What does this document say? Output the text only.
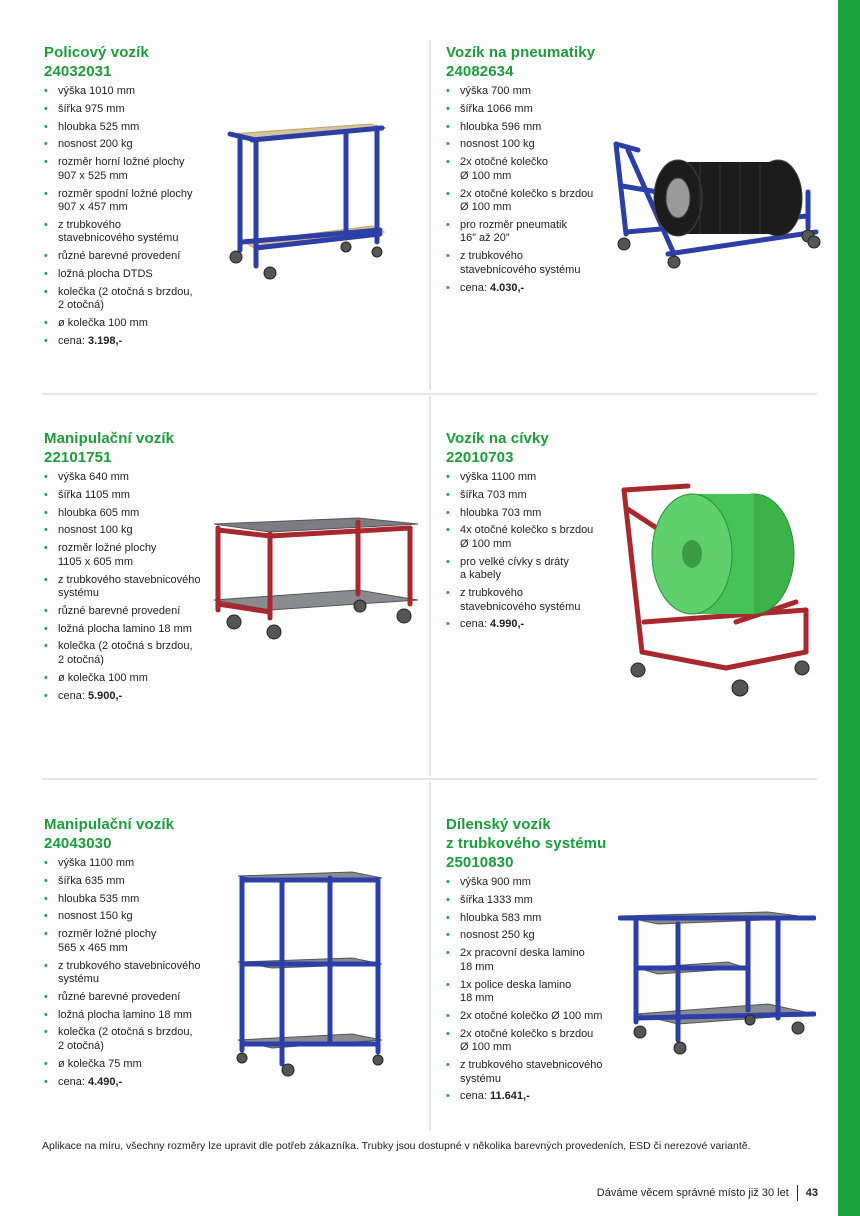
Policový vozík
24032031
• výška 1010 mm
• šířka 975 mm
• hloubka 525 mm
• nosnost 200 kg
• rozměr horní ložné plochy
907 x 525 mm
• rozměr spodní ložné plochy
907 x 457 mm
• z trubkového
stavebnicového systému
• různé barevné provedení
• ložná plocha DTDS
• kolečka (2 otočná s brzdou,
2 otočná)
• ø kolečka 100 mm
• cena: 3.198,-
Vozík na pneumatiky
24082634
• výška 700 mm
• šířka 1066 mm
• hloubka 596 mm
• nosnost 100 kg
• 2x otočné kolečko
Ø 100 mm
• 2x otočné kolečko s brzdou
Ø 100 mm
• pro rozměr pneumatik
16” až 20”
• z trubkového
stavebnicového systému
• cena: 4.030,-
Manipulační vozík
22101751
• výška 640 mm
• šířka 1105 mm
• hloubka 605 mm
• nosnost 100 kg
• rozměr ložné plochy
1105 x 605 mm
• z trubkového stavebnicového
systému
• různé barevné provedení
• ložná plocha lamino 18 mm
• kolečka (2 otočná s brzdou,
2 otočná)
• ø kolečka 100 mm
• cena: 5.900,-
Vozík na cívky
22010703
• výška 1100 mm
• šířka 703 mm
• hloubka 703 mm
• 4x otočné kolečko s brzdou
Ø 100 mm
• pro velké cívky s dráty
a kabely
• z trubkového
stavebnicového systému
• cena: 4.990,-
Manipulační vozík
24043030
• výška 1100 mm
• šířka 635 mm
• hloubka 535 mm
• nosnost 150 kg
• rozměr ložné plochy
565 x 465 mm
• z trubkového stavebnicového
systému
• různé barevné provedení
• ložná plocha lamino 18 mm
• kolečka (2 otočná s brzdou,
2 otočná)
• ø kolečka 75 mm
• cena: 4.490,-
Dílenský vozík
z trubkového systému
25010830
• výška 900 mm
• šířka 1333 mm
• hloubka 583 mm
• nosnost 250 kg
• 2x pracovní deska lamino
18 mm
• 1x police deska lamino
18 mm
• 2x otočné kolečko Ø 100 mm
• 2x otočné kolečko s brzdou
Ø 100 mm
• z trubkového stavebnicového
systému
• cena: 11.641,-
Aplikace na míru, všechny rozměry lze upravit dle potřeb zákazníka. Trubky jsou dostupné v několika barevných provedeních, ESD či nerezové variantě.
Dáváme věcem správné místo již 30 let 43
